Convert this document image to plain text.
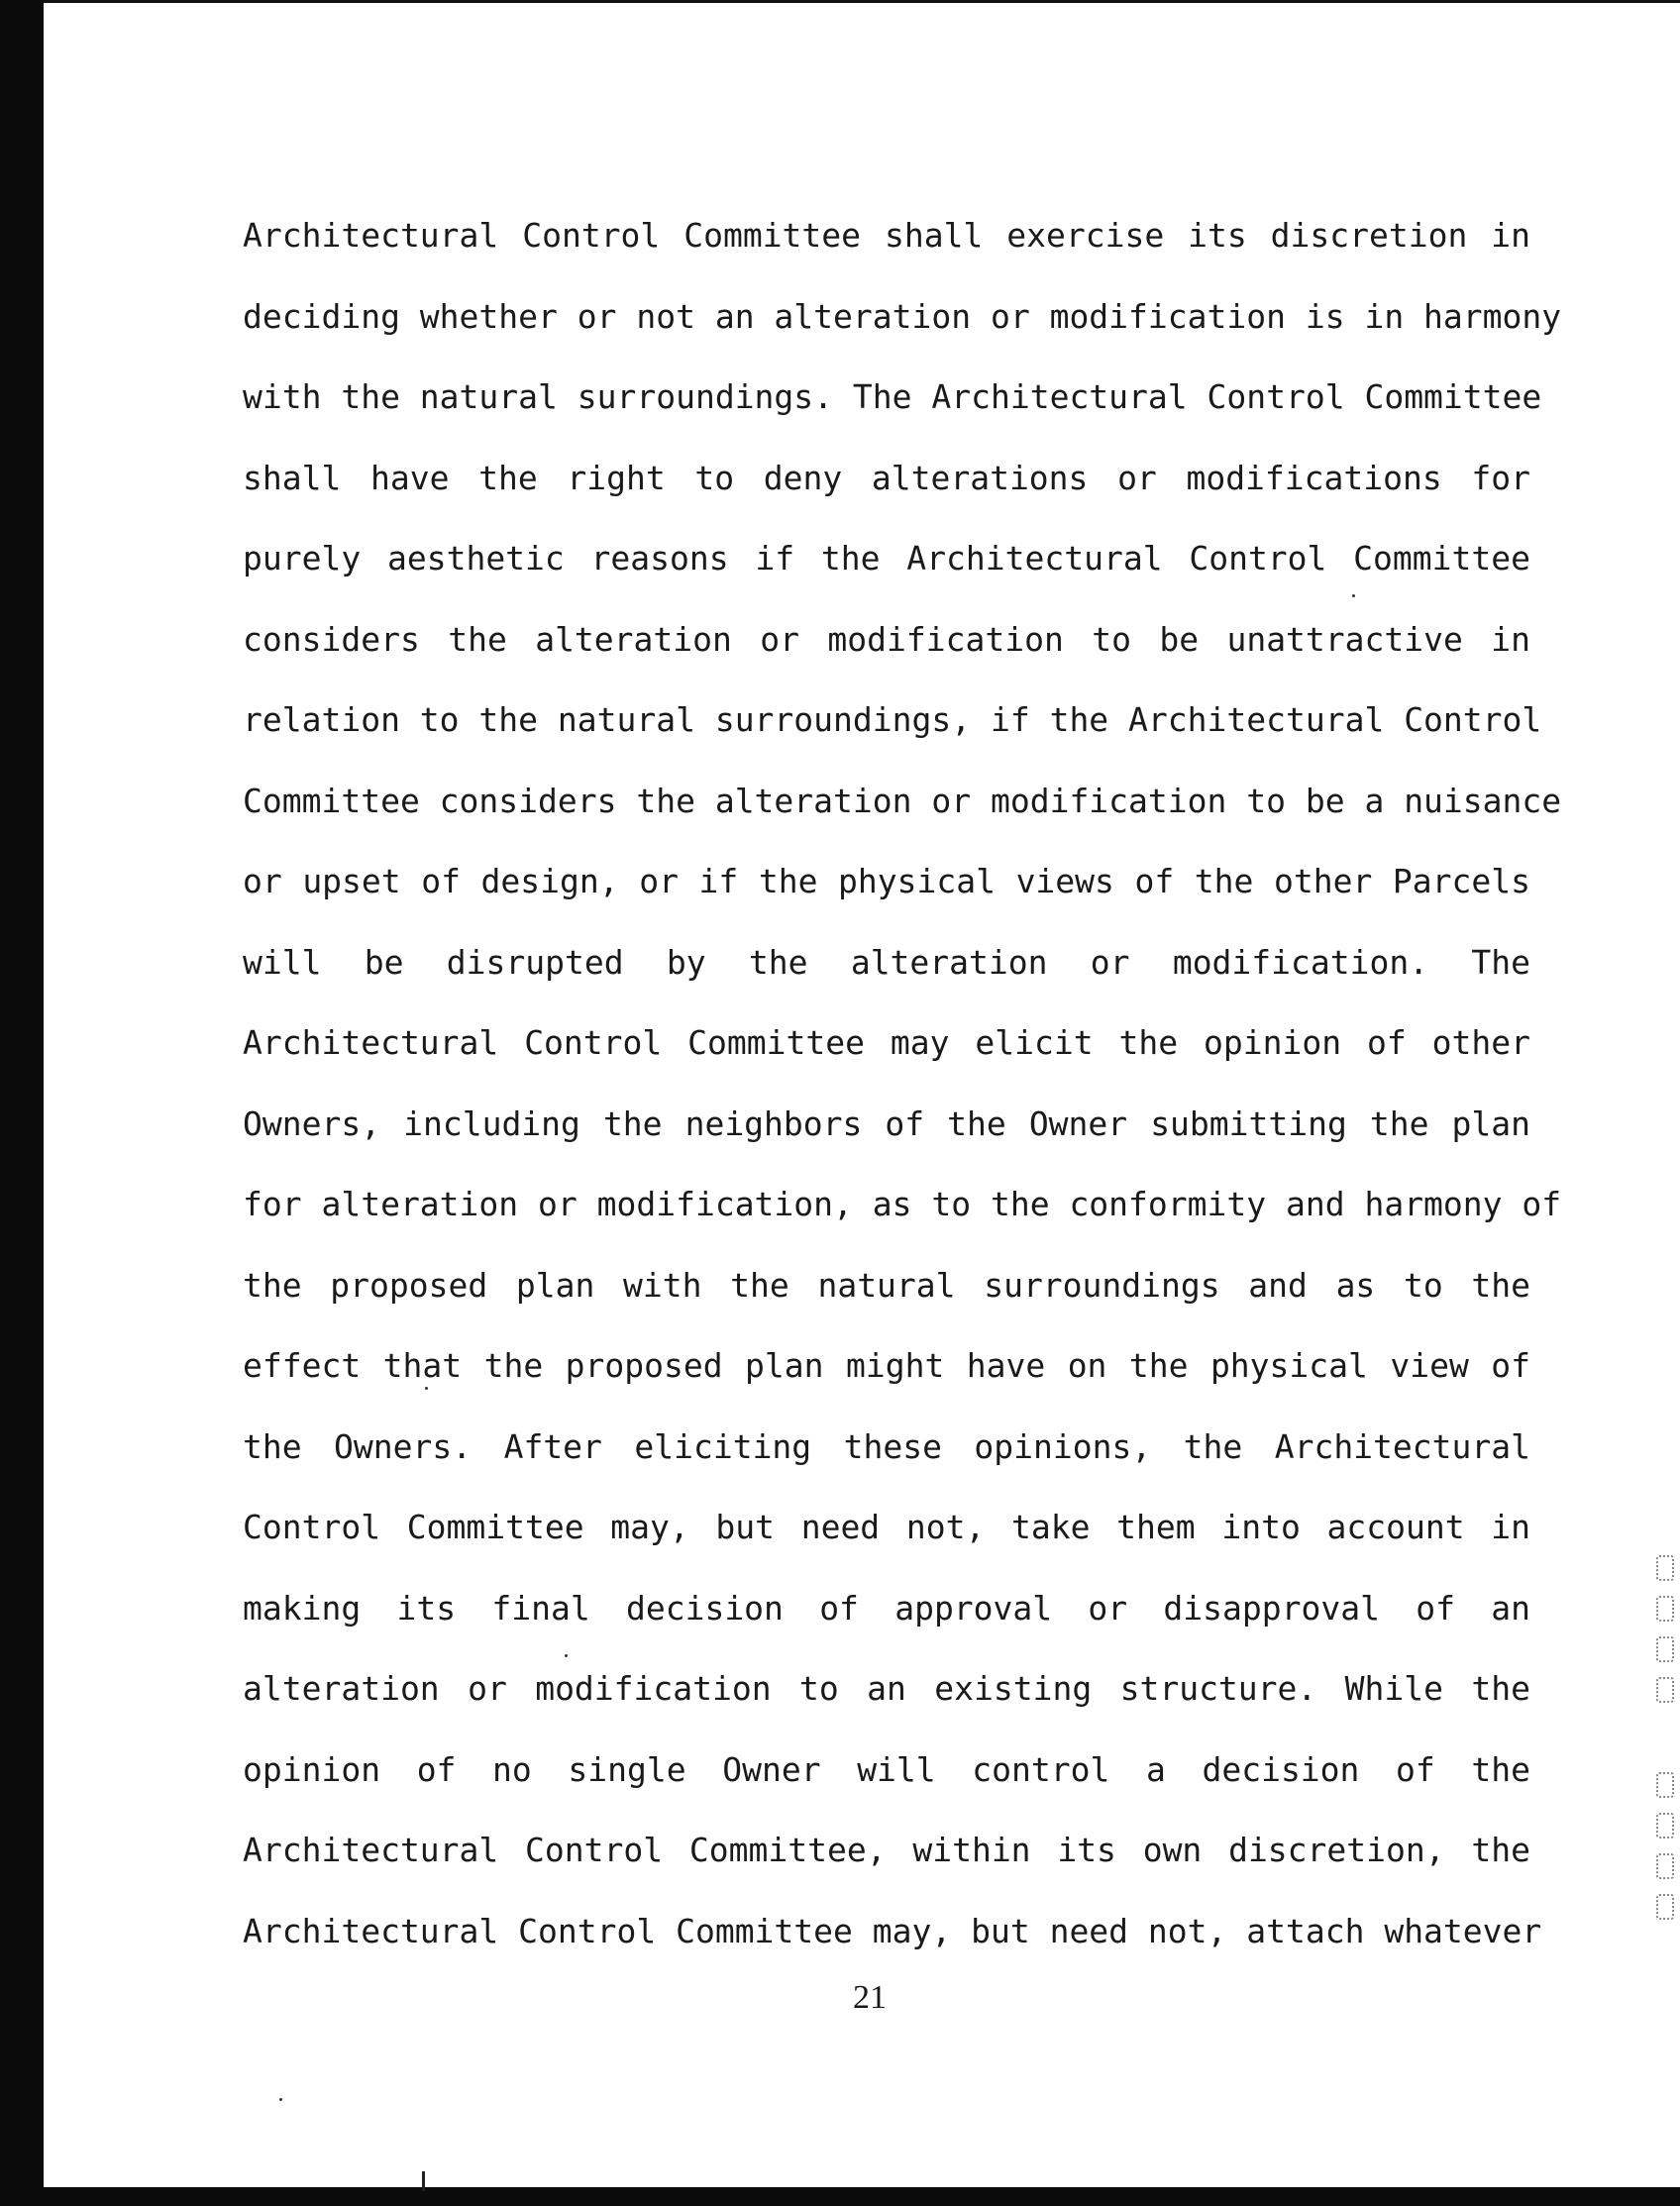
Architectural Control Committee shall exercise its discretion in
deciding whether or not an alteration or modification is in harmony
with the natural surroundings. The Architectural Control Committee
shall have the right to deny alterations or modifications for
purely aesthetic reasons if the Architectural Control Committee
considers the alteration or modification to be unattractive in
relation to the natural surroundings, if the Architectural Control
Committee considers the alteration or modification to be a nuisance
or upset of design, or if the physical views of the other Parcels
will be disrupted by the alteration or modification. The
Architectural Control Committee may elicit the opinion of other
Owners, including the neighbors of the Owner submitting the plan
for alteration or modification, as to the conformity and harmony of
the proposed plan with the natural surroundings and as to the
effect that the proposed plan might have on the physical view of
the Owners. After eliciting these opinions, the Architectural
Control Committee may, but need not, take them into account in
making its final decision of approval or disapproval of an
alteration or modification to an existing structure. While the
opinion of no single Owner will control a decision of the
Architectural Control Committee, within its own discretion, the
Architectural Control Committee may, but need not, attach whatever
21
